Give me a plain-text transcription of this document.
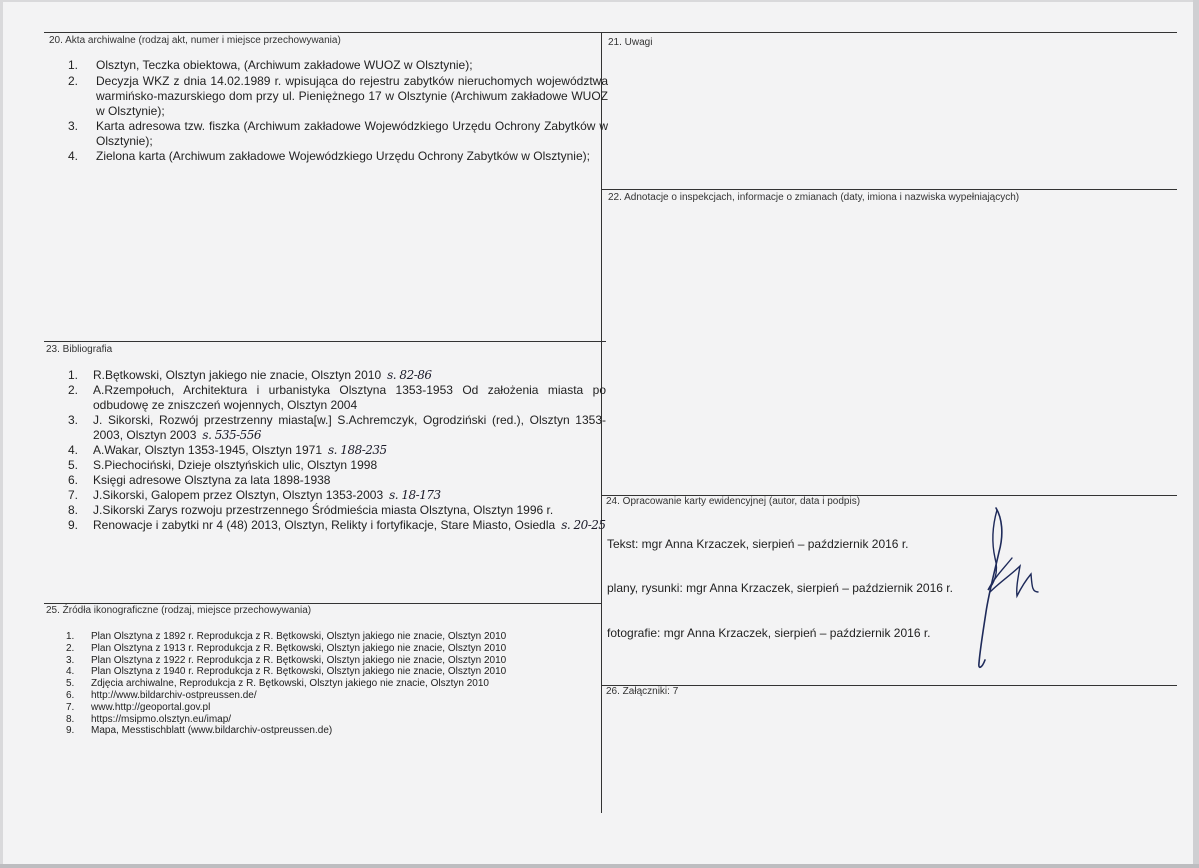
20. Akta archiwalne (rodzaj akt, numer i miejsce przechowywania)	21. Uwagi
22. Adnotacje o inspekcjach, informacje o zmianach (daty, imiona i nazwiska wypełniających)
23. Bibliografia
24. Opracowanie karty ewidencyjnej (autor, data i podpis)
25. Źródła ikonograficzne (rodzaj, miejsce przechowywania)
26. Załączniki: 7
1. Olsztyn, Teczka obiektowa, (Archiwum zakładowe WUOZ w Olsztynie);
2. Decyzja WKZ z dnia 14.02.1989 r. wpisująca do rejestru zabytków nieruchomych województwa warmińsko-mazurskiego dom przy ul. Pieniężnego 17 w Olsztynie (Archiwum zakładowe WUOZ w Olsztynie);
3. Karta adresowa tzw. fiszka (Archiwum zakładowe Wojewódzkiego Urzędu Ochrony Zabytków w Olsztynie);
4. Zielona karta (Archiwum zakładowe Wojewódzkiego Urzędu Ochrony Zabytków w Olsztynie);
1. R.Bętkowski, Olsztyn jakiego nie znacie, Olsztyn 2010 s. 82-86
2. A.Rzempołuch, Architektura i urbanistyka Olsztyna 1353-1953 Od założenia miasta po odbudowę ze zniszczeń wojennych, Olsztyn 2004
3. J. Sikorski, Rozwój przestrzenny miasta[w.] S.Achremczyk, Ogrodziński (red.), Olsztyn 1353-2003, Olsztyn 2003 s. 535-556
4. A.Wakar, Olsztyn 1353-1945, Olsztyn 1971 s. 188-235
5. S.Piechociński, Dzieje olsztyńskich ulic, Olsztyn 1998
6. Księgi adresowe Olsztyna za lata 1898-1938
7. J.Sikorski, Galopem przez Olsztyn, Olsztyn 1353-2003 s. 18-173
8. J.Sikorski Zarys rozwoju przestrzennego Śródmieścia miasta Olsztyna, Olsztyn 1996 r.
9. Renowacje i zabytki nr 4 (48) 2013, Olsztyn, Relikty i fortyfikacje, Stare Miasto, Osiedla s. 20-25
1. Plan Olsztyna z 1892 r. Reprodukcja z R. Bętkowski, Olsztyn jakiego nie znacie, Olsztyn 2010
2. Plan Olsztyna z 1913 r. Reprodukcja z R. Bętkowski, Olsztyn jakiego nie znacie, Olsztyn 2010
3. Plan Olsztyna z 1922 r. Reprodukcja z R. Bętkowski, Olsztyn jakiego nie znacie, Olsztyn 2010
4. Plan Olsztyna z 1940 r. Reprodukcja z R. Bętkowski, Olsztyn jakiego nie znacie, Olsztyn 2010
5. Zdjęcia archiwalne, Reprodukcja z R. Bętkowski, Olsztyn jakiego nie znacie, Olsztyn 2010
6. http://www.bildarchiv-ostpreussen.de/
7. www.http://geoportal.gov.pl
8. https://msipmo.olsztyn.eu/imap/
9. Mapa, Messtischblatt (www.bildarchiv-ostpreussen.de)
Tekst: mgr Anna Krzaczek, sierpień – październik 2016 r.
plany, rysunki: mgr Anna Krzaczek, sierpień – październik 2016 r.
fotografie: mgr Anna Krzaczek, sierpień – październik 2016 r.
